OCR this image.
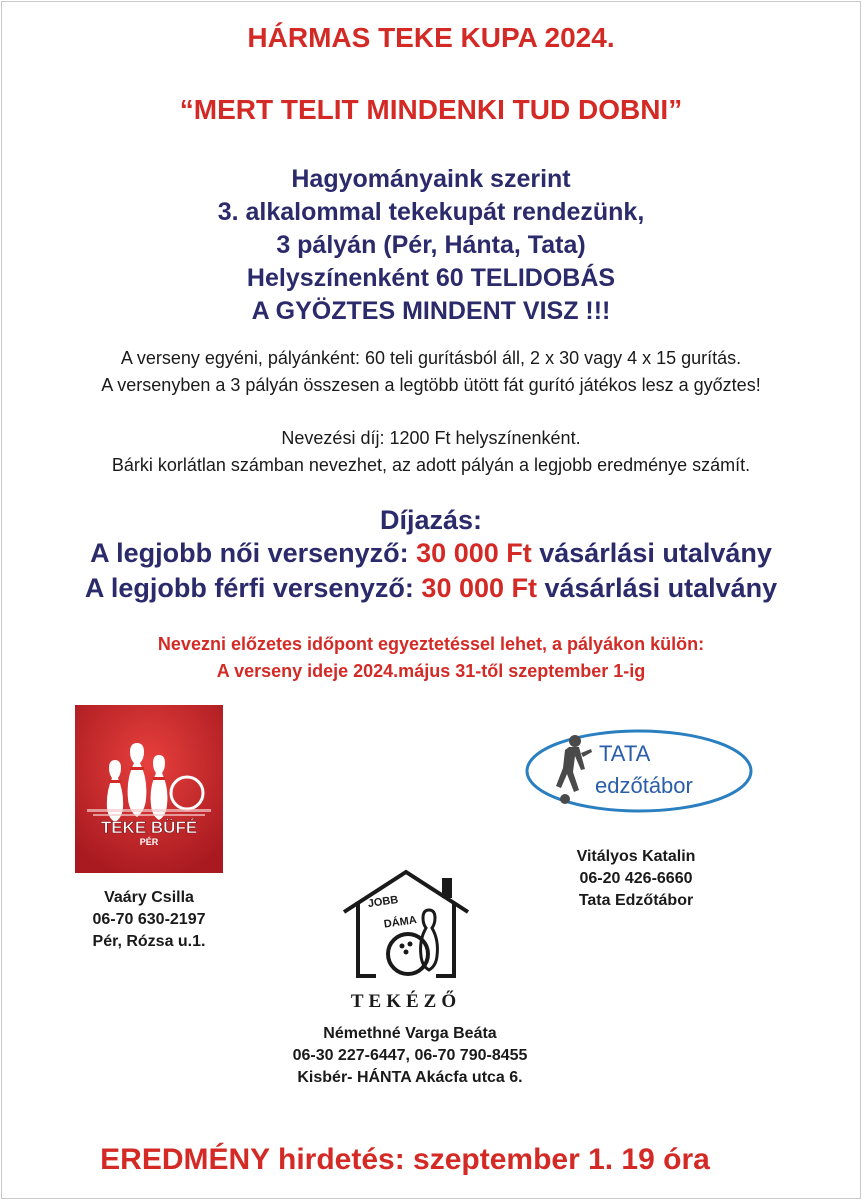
HÁRMAS TEKE KUPA 2024.
“MERT TELIT MINDENKI TUD DOBNI”
Hagyományaink szerint
3. alkalommal tekekupát rendezünk,
3 pályán (Pér, Hánta, Tata)
Helyszínenként 60 TELIDOBÁS
A GYÖZTES MINDENT VISZ !!!
A verseny egyéni, pályánként: 60 teli gurításból áll, 2 x 30 vagy 4 x 15 gurítás.
A versenyben a 3 pályán összesen a legtöbb ütött fát gurító játékos lesz a győztes!
Nevezési díj: 1200 Ft helyszínenként.
Bárki korlátlan számban nevezhet, az adott pályán a legjobb eredménye számít.
Díjazás:
A legjobb női versenyző: 30 000 Ft vásárlási utalvány
A legjobb férfi versenyző: 30 000 Ft vásárlási utalvány
Nevezni előzetes időpont egyeztetéssel lehet, a pályákon külön:
A verseny ideje 2024.május 31-től szeptember 1-ig
TEKE BÜFÉ
PÉR
Vaáry Csilla
06-70 630-2197
Pér, Rózsa u.1.
JOBB
DÁMA
TEKÉZŐ
Némethné Varga Beáta
06-30 227-6447, 06-70 790-8455
Kisbér- HÁNTA Akácfa utca 6.
TATA
edzőtábor
Vitályos Katalin
06-20 426-6660
Tata Edzőtábor
EREDMÉNY hirdetés: szeptember 1. 19 óra
